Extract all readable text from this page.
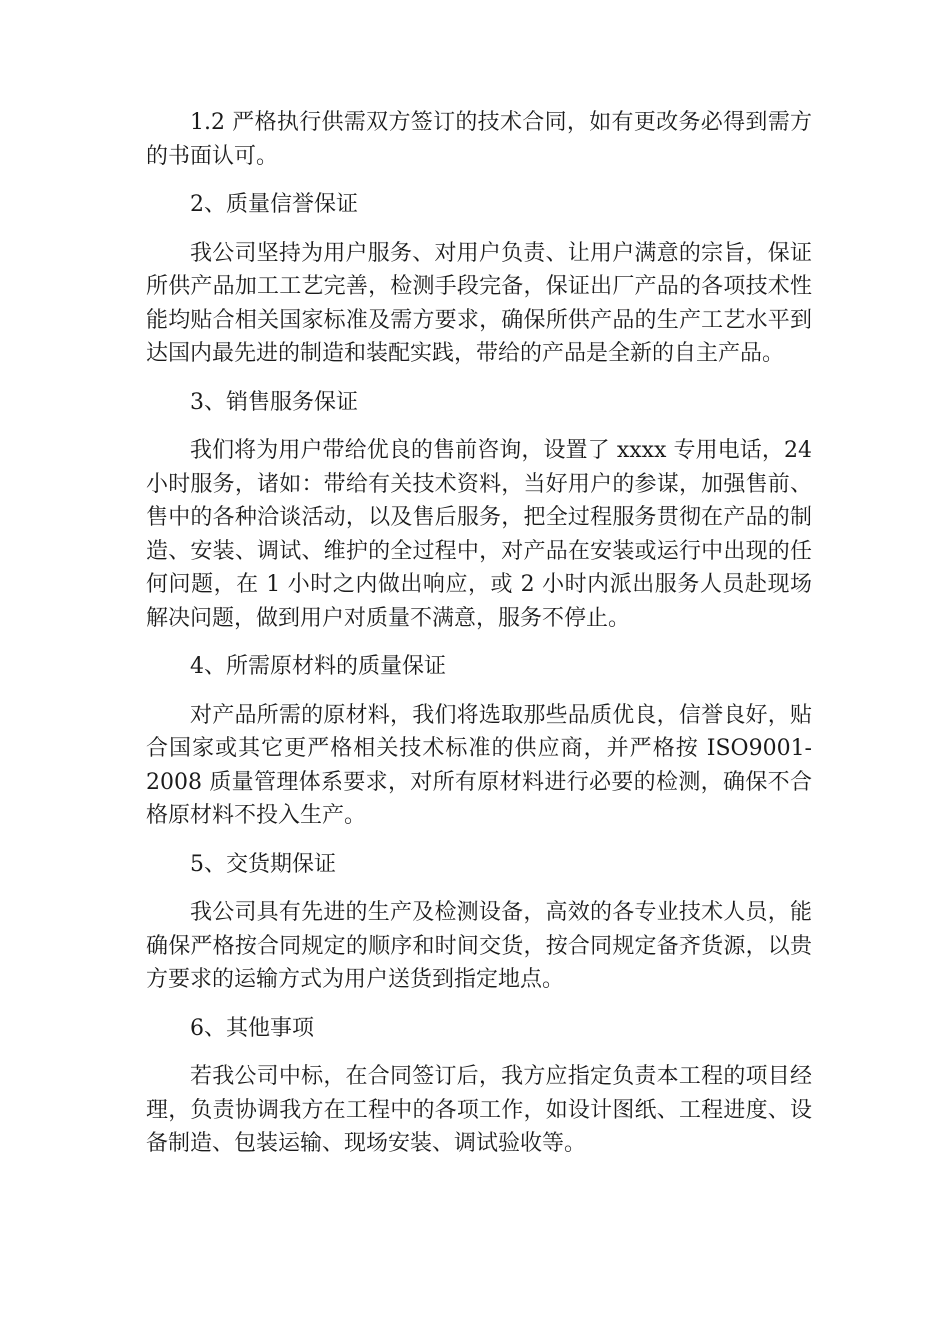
1.2 严格执行供需双方签订的技术合同，如有更改务必得到需方的书面认可。

2、质量信誉保证

我公司坚持为用户服务、对用户负责、让用户满意的宗旨，保证所供产品加工工艺完善，检测手段完备，保证出厂产品的各项技术性能均贴合相关国家标准及需方要求，确保所供产品的生产工艺水平到达国内最先进的制造和装配实践，带给的产品是全新的自主产品。

3、销售服务保证

我们将为用户带给优良的售前咨询，设置了 xxxx 专用电话，24 小时服务，诸如：带给有关技术资料，当好用户的参谋，加强售前、售中的各种洽谈活动，以及售后服务，把全过程服务贯彻在产品的制造、安装、调试、维护的全过程中，对产品在安装或运行中出现的任何问题，在 1 小时之内做出响应，或 2 小时内派出服务人员赴现场解决问题，做到用户对质量不满意，服务不停止。

4、所需原材料的质量保证

对产品所需的原材料，我们将选取那些品质优良，信誉良好，贴合国家或其它更严格相关技术标准的供应商，并严格按 ISO9001-2008 质量管理体系要求，对所有原材料进行必要的检测，确保不合格原材料不投入生产。

5、交货期保证

我公司具有先进的生产及检测设备，高效的各专业技术人员，能确保严格按合同规定的顺序和时间交货，按合同规定备齐货源，以贵方要求的运输方式为用户送货到指定地点。

6、其他事项

若我公司中标，在合同签订后，我方应指定负责本工程的项目经理，负责协调我方在工程中的各项工作，如设计图纸、工程进度、设备制造、包装运输、现场安装、调试验收等。
